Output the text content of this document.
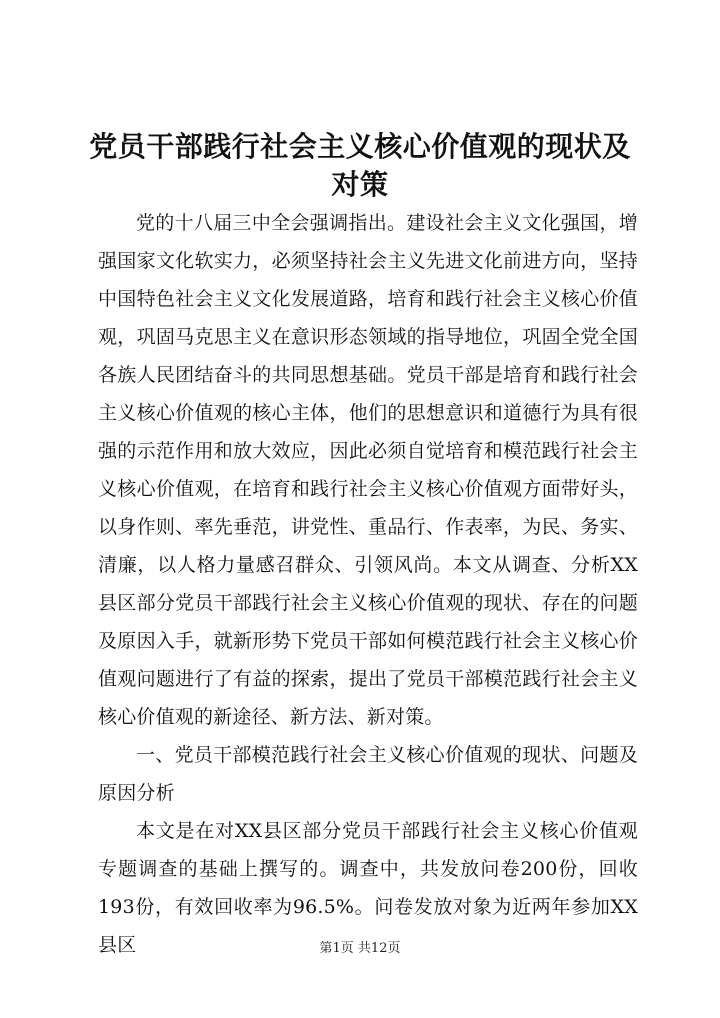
党员干部践行社会主义核心价值观的现状及对策

党的十八届三中全会强调指出。建设社会主义文化强国，增强国家文化软实力，必须坚持社会主义先进文化前进方向，坚持中国特色社会主义文化发展道路，培育和践行社会主义核心价值观，巩固马克思主义在意识形态领域的指导地位，巩固全党全国各族人民团结奋斗的共同思想基础。党员干部是培育和践行社会主义核心价值观的核心主体，他们的思想意识和道德行为具有很强的示范作用和放大效应，因此必须自觉培育和模范践行社会主义核心价值观，在培育和践行社会主义核心价值观方面带好头，以身作则、率先垂范，讲党性、重品行、作表率，为民、务实、清廉，以人格力量感召群众、引领风尚。本文从调查、分析XX县区部分党员干部践行社会主义核心价值观的现状、存在的问题及原因入手，就新形势下党员干部如何模范践行社会主义核心价值观问题进行了有益的探索，提出了党员干部模范践行社会主义核心价值观的新途径、新方法、新对策。

一、党员干部模范践行社会主义核心价值观的现状、问题及原因分析

本文是在对XX县区部分党员干部践行社会主义核心价值观专题调查的基础上撰写的。调查中，共发放问卷200份，回收193份，有效回收率为96.5%。问卷发放对象为近两年参加XX县区	第1页 共12页
